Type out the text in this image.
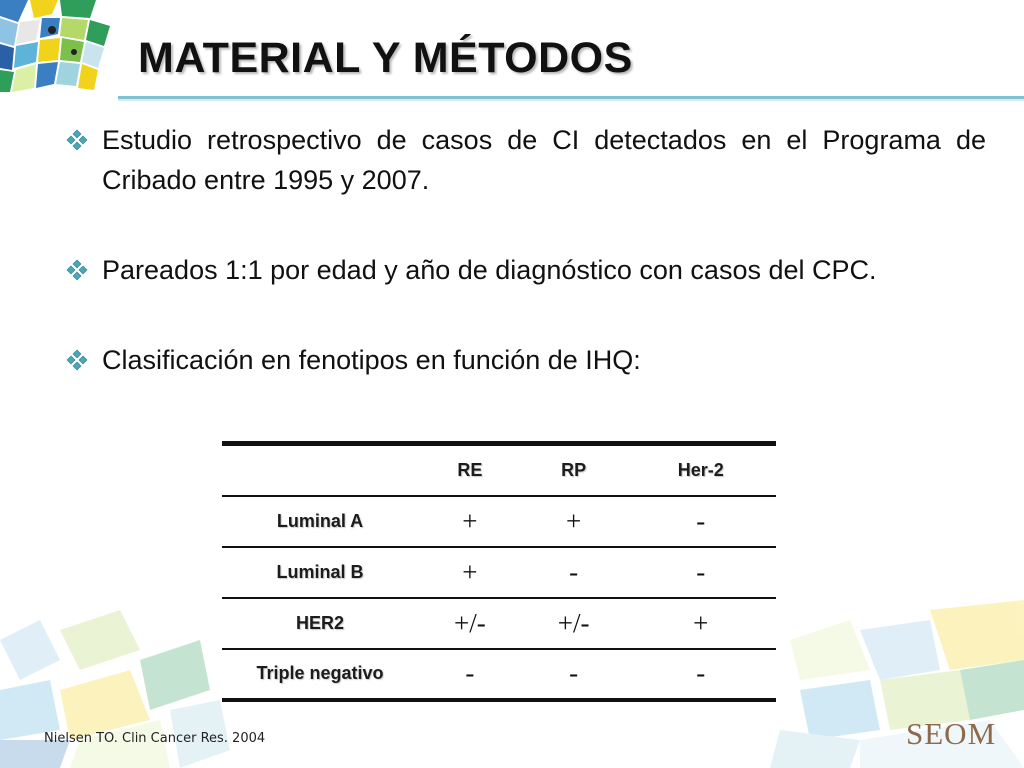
MATERIAL Y MÉTODOS
Estudio retrospectivo de casos de CI detectados en el Programa de Cribado entre 1995 y 2007.
Pareados 1:1 por edad y año de diagnóstico con casos del CPC.
Clasificación en fenotipos en función de IHQ:
	RE	RP	Her-2
Luminal A	+	+	-
Luminal B	+	-	-
HER2	+/-	+/-	+
Triple negativo	-	-	-
Nielsen TO. Clin Cancer Res. 2004	SEOM
